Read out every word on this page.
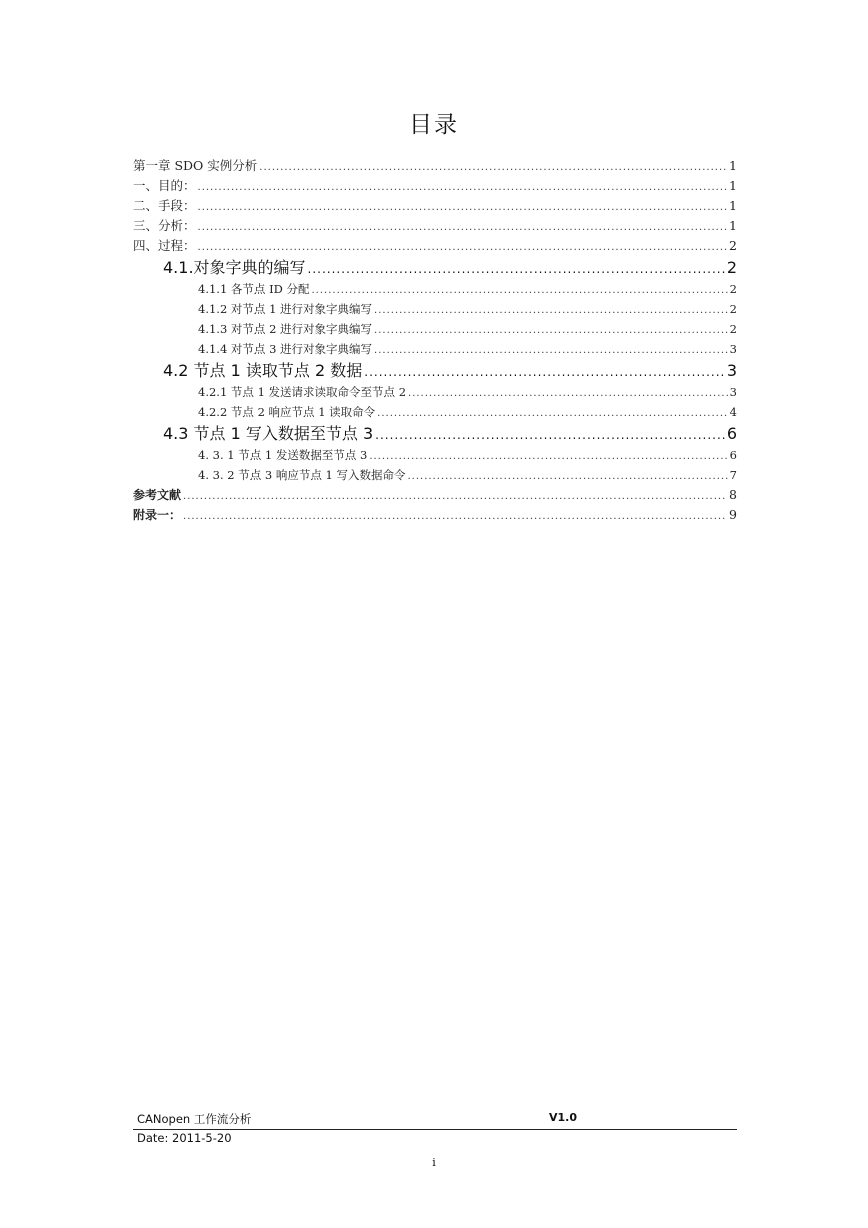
目录
第一章 SDO 实例分析 .....	1
一、目的： .....	1
二、手段： .....	1
三、分析： .....	1
四、过程： .....	2
4.1.对象字典的编写 .....	2
4.1.1 各节点 ID 分配 .....	2
4.1.2 对节点 1 进行对象字典编写 .....	2
4.1.3 对节点 2 进行对象字典编写 .....	2
4.1.4 对节点 3 进行对象字典编写 .....	3
4.2 节点 1 读取节点 2 数据 .....	3
4.2.1 节点 1 发送请求读取命令至节点 2 .....	3
4.2.2 节点 2 响应节点 1 读取命令 .....	4
4.3 节点 1 写入数据至节点 3 .....	6
4. 3. 1 节点 1 发送数据至节点 3 .....	6
4. 3. 2 节点 3 响应节点 1 写入数据命令 .....	7
参考文献 .....	8
附录一： .....	9
CANopen 工作流分析	V1.0
Date: 2011-5-20
i
